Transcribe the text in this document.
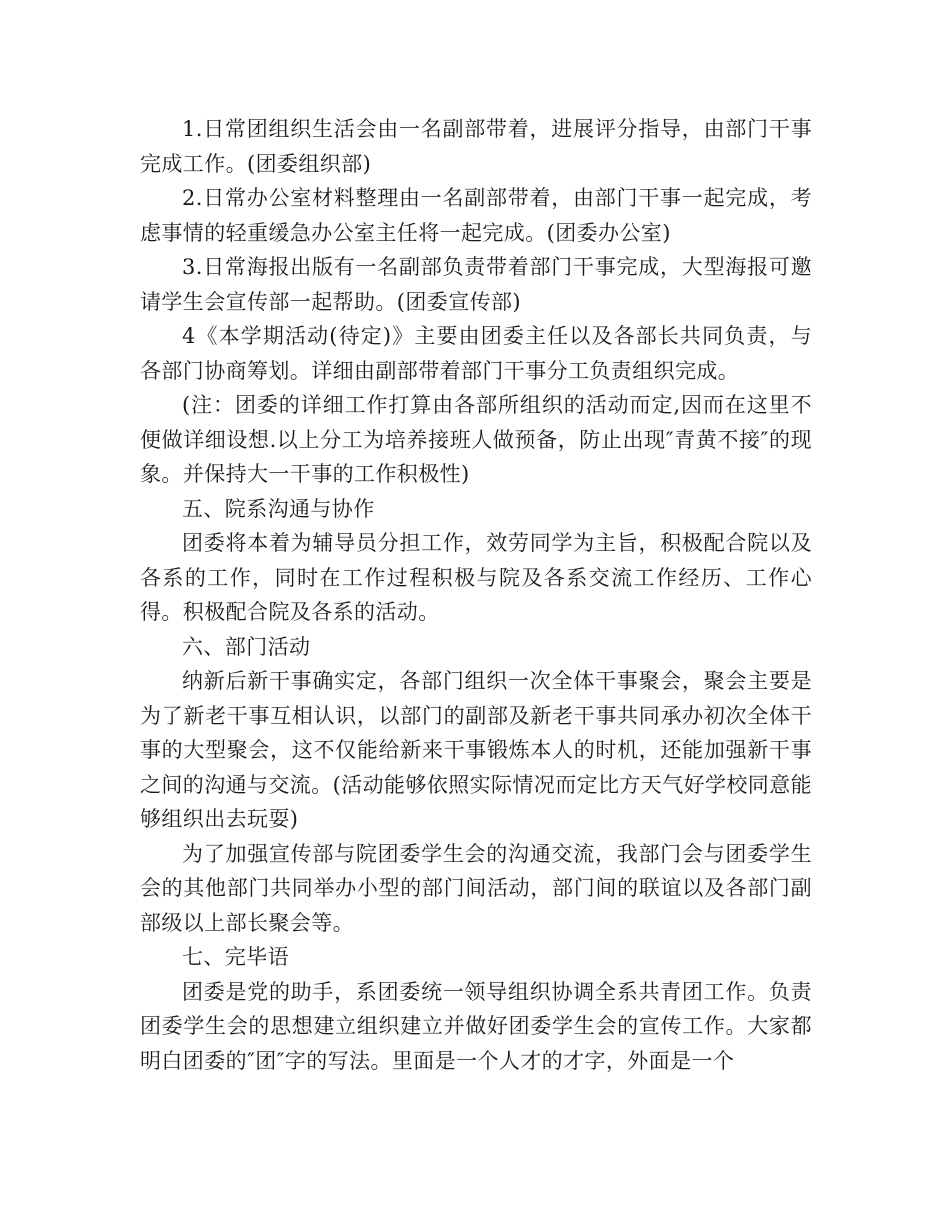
1.日常团组织生活会由一名副部带着，进展评分指导，由部门干事完成工作。(团委组织部)

2.日常办公室材料整理由一名副部带着，由部门干事一起完成，考虑事情的轻重缓急办公室主任将一起完成。(团委办公室)

3.日常海报出版有一名副部负责带着部门干事完成，大型海报可邀请学生会宣传部一起帮助。(团委宣传部)

4《本学期活动(待定)》主要由团委主任以及各部长共同负责，与各部门协商筹划。详细由副部带着部门干事分工负责组织完成。

(注：团委的详细工作打算由各部所组织的活动而定,因而在这里不便做详细设想.以上分工为培养接班人做预备，防止出现″青黄不接″的现象。并保持大一干事的工作积极性)

五、院系沟通与协作

团委将本着为辅导员分担工作，效劳同学为主旨，积极配合院以及各系的工作，同时在工作过程积极与院及各系交流工作经历、工作心得。积极配合院及各系的活动。

六、部门活动

纳新后新干事确实定，各部门组织一次全体干事聚会，聚会主要是为了新老干事互相认识，以部门的副部及新老干事共同承办初次全体干事的大型聚会，这不仅能给新来干事锻炼本人的时机，还能加强新干事之间的沟通与交流。(活动能够依照实际情况而定比方天气好学校同意能够组织出去玩耍)

为了加强宣传部与院团委学生会的沟通交流，我部门会与团委学生会的其他部门共同举办小型的部门间活动，部门间的联谊以及各部门副部级以上部长聚会等。

七、完毕语

团委是党的助手，系团委统一领导组织协调全系共青团工作。负责团委学生会的思想建立组织建立并做好团委学生会的宣传工作。大家都明白团委的″团″字的写法。里面是一个人才的才字，外面是一个
